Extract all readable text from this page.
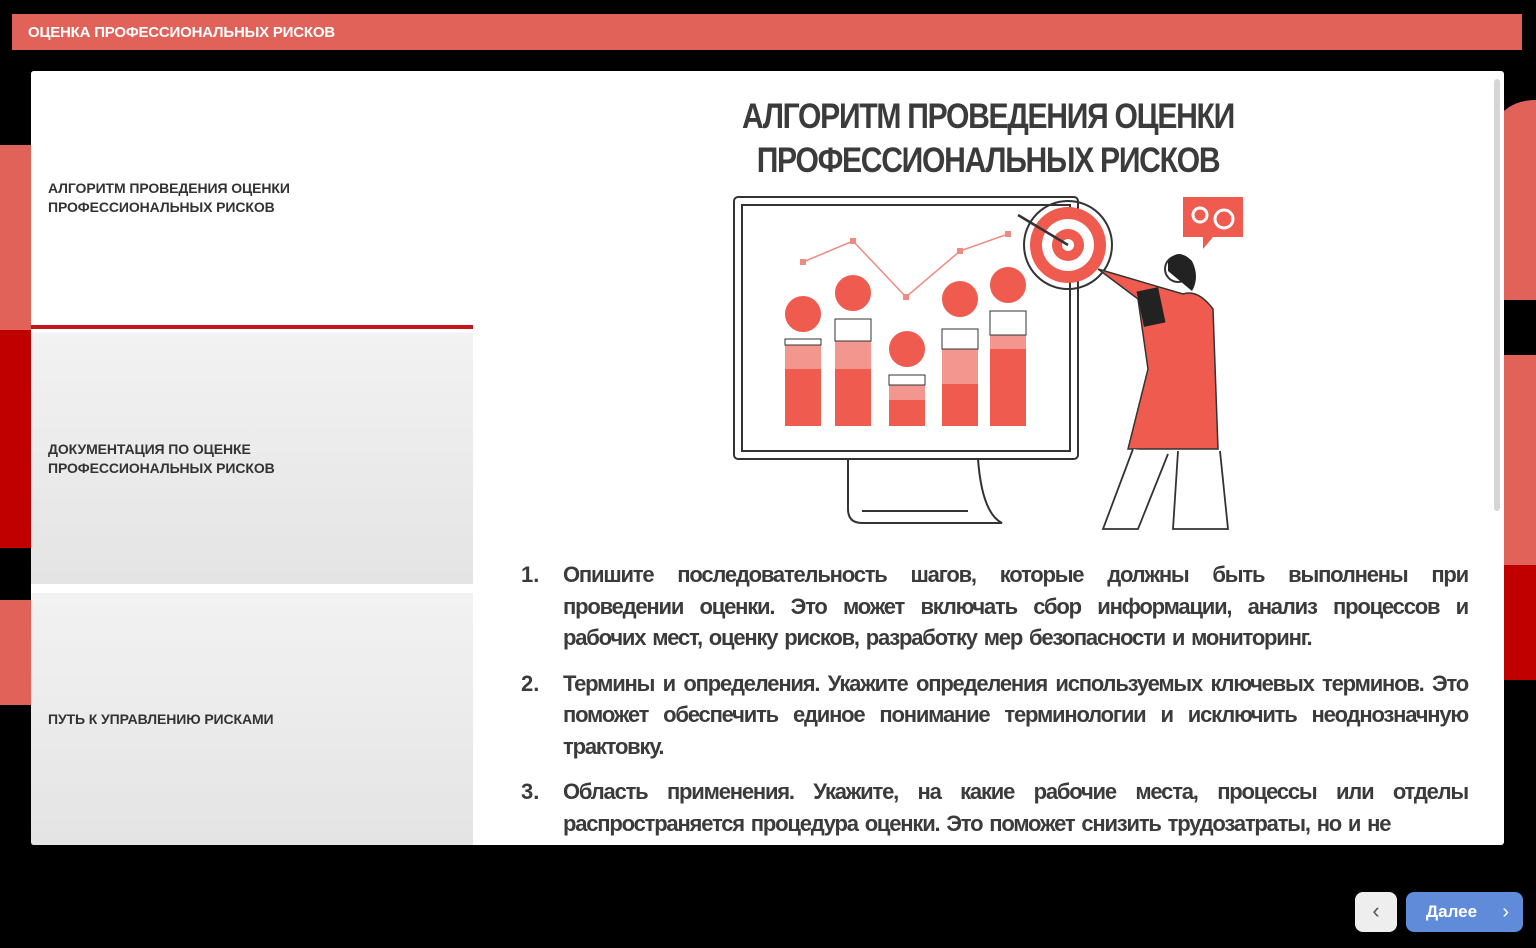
ОЦЕНКА ПРОФЕССИОНАЛЬНЫХ РИСКОВ
АЛГОРИТМ ПРОВЕДЕНИЯ ОЦЕНКИ ПРОФЕССИОНАЛЬНЫХ РИСКОВ
ДОКУМЕНТАЦИЯ ПО ОЦЕНКЕ ПРОФЕССИОНАЛЬНЫХ РИСКОВ
ПУТЬ К УПРАВЛЕНИЮ РИСКАМИ
АЛГОРИТМ ПРОВЕДЕНИЯ ОЦЕНКИ ПРОФЕССИОНАЛЬНЫХ РИСКОВ
1.	Опишите последовательность шагов, которые должны быть выполнены при проведении оценки. Это может включать сбор информации, анализ процессов и рабочих мест, оценку рисков, разработку мер безопасности и мониторинг.
2.	Термины и определения. Укажите определения используемых ключевых терминов. Это поможет обеспечить единое понимание терминологии и исключить неоднозначную трактовку.
3.	Область применения. Укажите, на какие рабочие места, процессы или отделы распространяется процедура оценки. Это поможет снизить трудозатраты, но и не
‹	Далее ›
